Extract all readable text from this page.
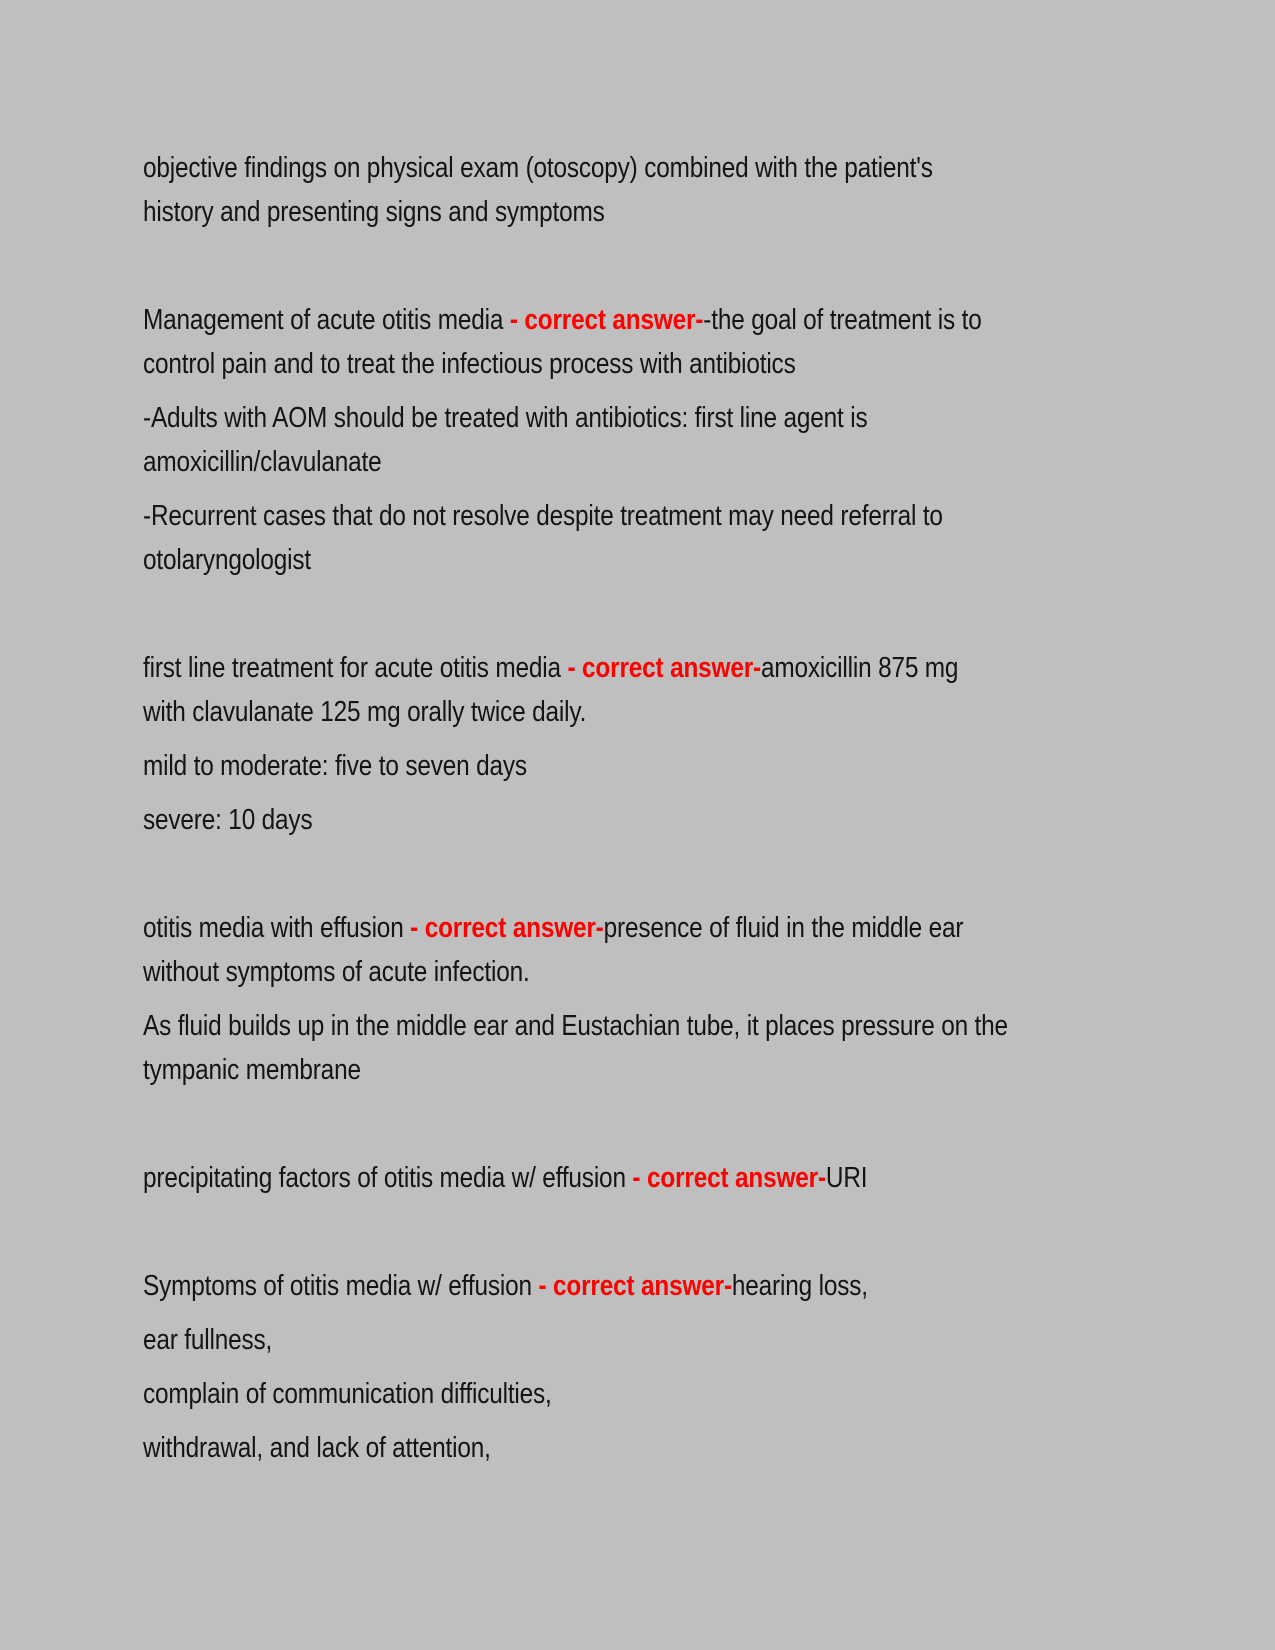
objective findings on physical exam (otoscopy) combined with the patient's
history and presenting signs and symptoms

Management of acute otitis media - correct answer--the goal of treatment is to
control pain and to treat the infectious process with antibiotics

-Adults with AOM should be treated with antibiotics: first line agent is
amoxicillin/clavulanate

-Recurrent cases that do not resolve despite treatment may need referral to
otolaryngologist

first line treatment for acute otitis media - correct answer-amoxicillin 875 mg
with clavulanate 125 mg orally twice daily.

mild to moderate: five to seven days

severe: 10 days

otitis media with effusion - correct answer-presence of fluid in the middle ear
without symptoms of acute infection.

As fluid builds up in the middle ear and Eustachian tube, it places pressure on the
tympanic membrane

precipitating factors of otitis media w/ effusion - correct answer-URI

Symptoms of otitis media w/ effusion - correct answer-hearing loss,

ear fullness,

complain of communication difficulties,

withdrawal, and lack of attention,
